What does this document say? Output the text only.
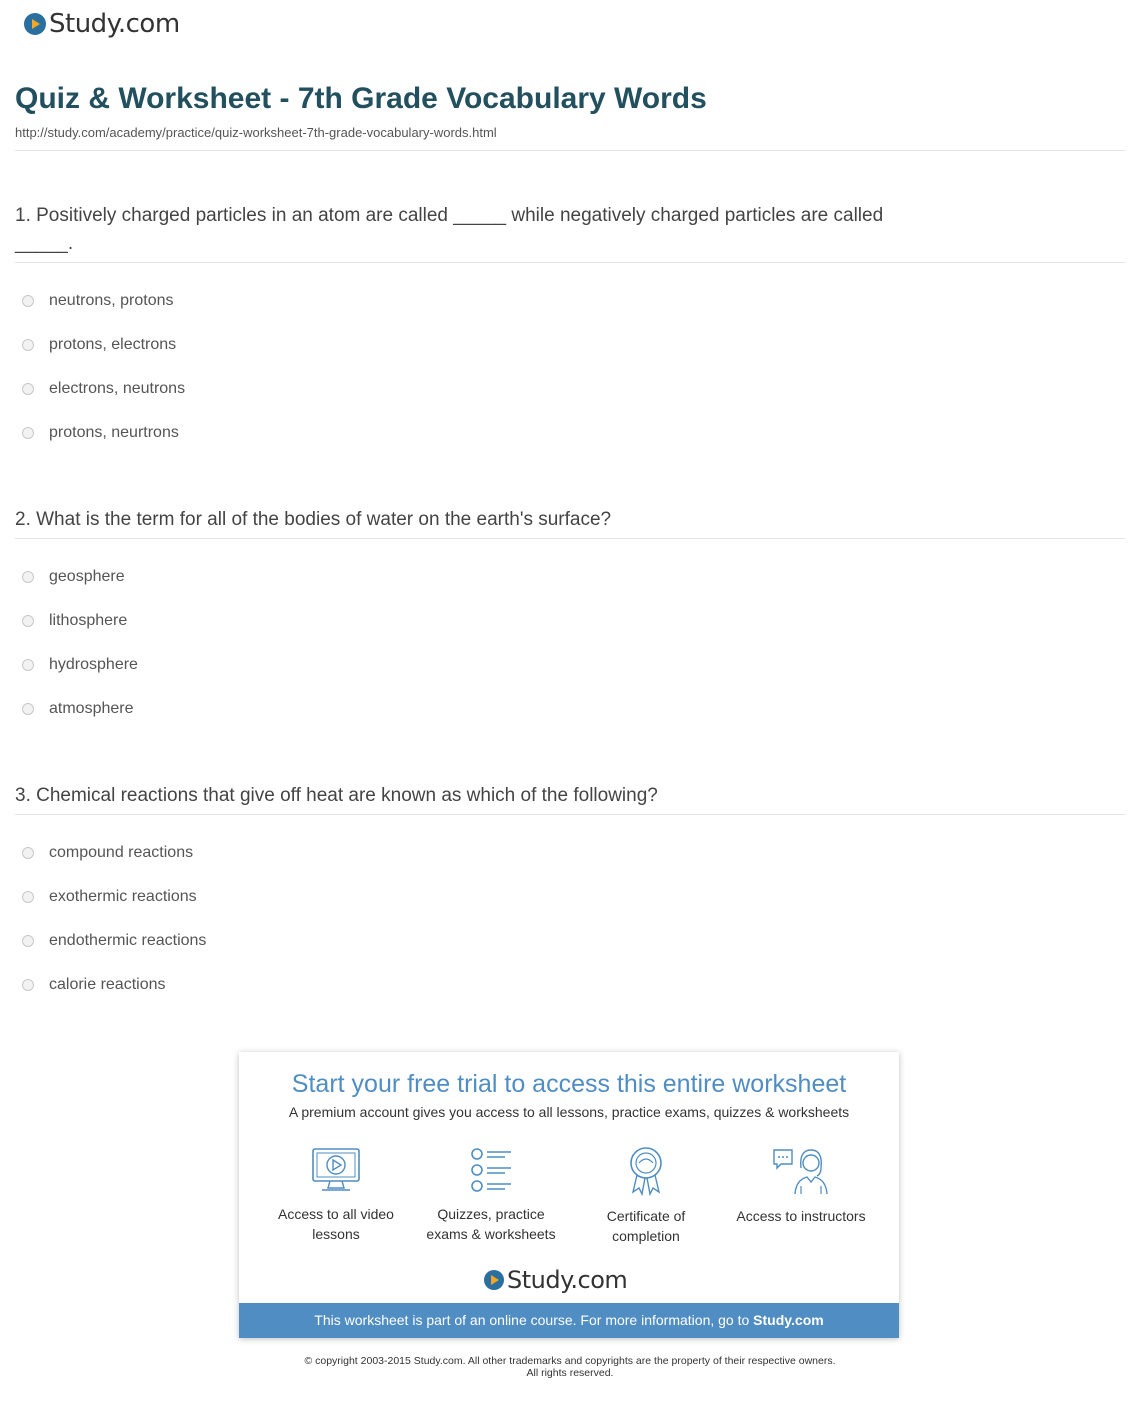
Study.com
Quiz & Worksheet - 7th Grade Vocabulary Words
http://study.com/academy/practice/quiz-worksheet-7th-grade-vocabulary-words.html
1. Positively charged particles in an atom are called _____ while negatively charged particles are called _____.
neutrons, protons
protons, electrons
electrons, neutrons
protons, neurtrons
2. What is the term for all of the bodies of water on the earth's surface?
geosphere
lithosphere
hydrosphere
atmosphere
3. Chemical reactions that give off heat are known as which of the following?
compound reactions
exothermic reactions
endothermic reactions
calorie reactions
Start your free trial to access this entire worksheet
A premium account gives you access to all lessons, practice exams, quizzes & worksheets
Access to all video lessons
Quizzes, practice exams & worksheets
Certificate of completion
Access to instructors
Study.com
This worksheet is part of an online course. For more information, go to Study.com
© copyright 2003-2015 Study.com. All other trademarks and copyrights are the property of their respective owners.
All rights reserved.
